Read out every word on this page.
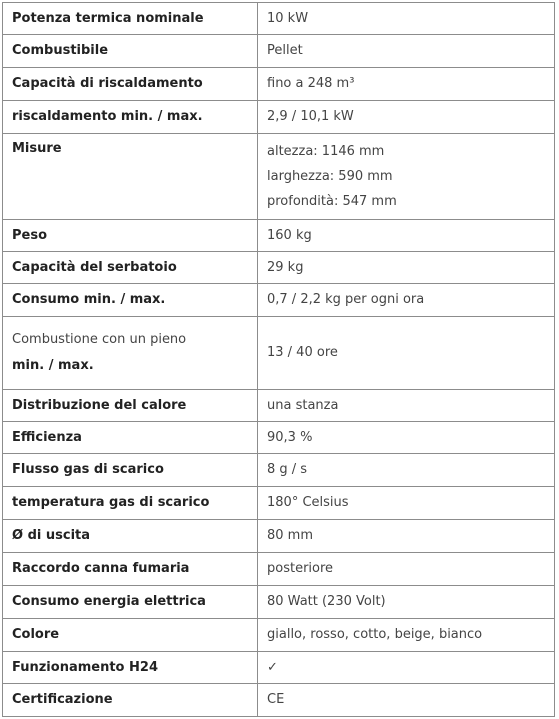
Potenza termica nominale	10 kW
Combustibile	Pellet
Capacità di riscaldamento	fino a 248 m³
riscaldamento min. / max.	2,9 / 10,1 kW
Misure	altezza: 1146 mm
larghezza: 590 mm
profondità: 547 mm

Peso	160 kg
Capacità del serbatoio	29 kg
Consumo min. / max.	0,7 / 2,2 kg per ogni ora

Combustione con un pieno
min. / max.	13 / 40 ore
Distribuzione del calore	una stanza
Efficienza	90,3 %
Flusso gas di scarico	8 g / s
temperatura gas di scarico	180° Celsius
Ø di uscita	80 mm
Raccordo canna fumaria	posteriore
Consumo energia elettrica	80 Watt (230 Volt)
Colore	giallo, rosso, cotto, beige, bianco
Funzionamento H24	✓
Certificazione	CE
